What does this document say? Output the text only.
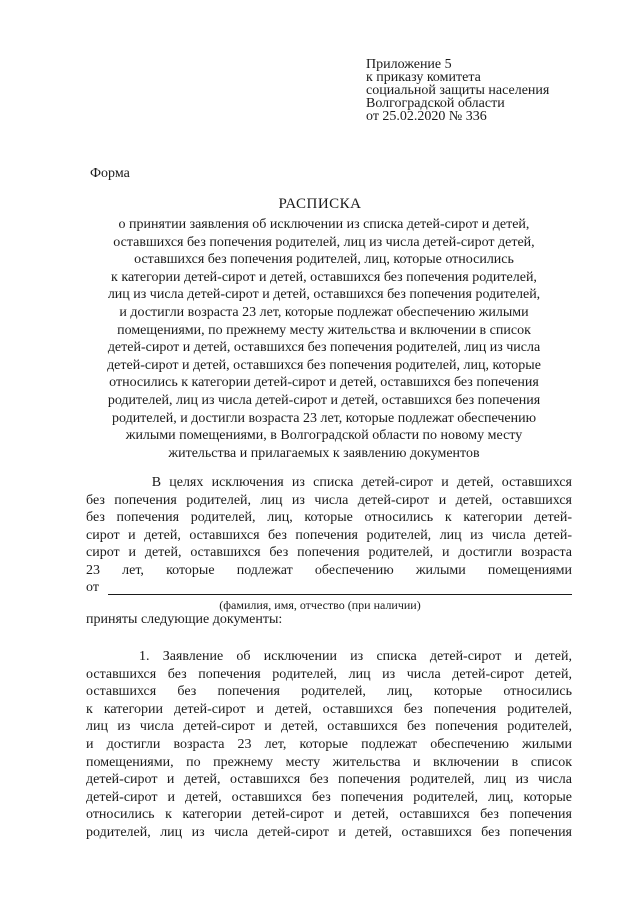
Приложение 5
к приказу комитета
социальной защиты населения
Волгоградской области
от 25.02.2020 № 336
Форма
РАСПИСКА
о принятии заявления об исключении из списка детей-сирот и детей,
оставшихся без попечения родителей, лиц из числа детей-сирот детей,
оставшихся без попечения родителей, лиц, которые относились
к категории детей-сирот и детей, оставшихся без попечения родителей,
лиц из числа детей-сирот и детей, оставшихся без попечения родителей,
и достигли возраста 23 лет, которые подлежат обеспечению жилыми
помещениями, по прежнему месту жительства и включении в список
детей-сирот и детей, оставшихся без попечения родителей, лиц из числа
детей-сирот и детей, оставшихся без попечения родителей, лиц, которые
относились к категории детей-сирот и детей, оставшихся без попечения
родителей, лиц из числа детей-сирот и детей, оставшихся без попечения
родителей, и достигли возраста 23 лет, которые подлежат обеспечению
жилыми помещениями, в Волгоградской области по новому месту
жительства и прилагаемых к заявлению документов
В целях исключения из списка детей-сирот и детей, оставшихся
без попечения родителей, лиц из числа детей-сирот и детей, оставшихся
без попечения родителей, лиц, которые относились к категории детей-
сирот и детей, оставшихся без попечения родителей, лиц из числа детей-
сирот и детей, оставшихся без попечения родителей, и достигли возраста
23 лет, которые подлежат обеспечению жилыми помещениями
от
(фамилия, имя, отчество (при наличии)
приняты следующие документы:
1. Заявление об исключении из списка детей-сирот и детей,
оставшихся без попечения родителей, лиц из числа детей-сирот детей,
оставшихся без попечения родителей, лиц, которые относились
к категории детей-сирот и детей, оставшихся без попечения родителей,
лиц из числа детей-сирот и детей, оставшихся без попечения родителей,
и достигли возраста 23 лет, которые подлежат обеспечению жилыми
помещениями, по прежнему месту жительства и включении в список
детей-сирот и детей, оставшихся без попечения родителей, лиц из числа
детей-сирот и детей, оставшихся без попечения родителей, лиц, которые
относились к категории детей-сирот и детей, оставшихся без попечения
родителей, лиц из числа детей-сирот и детей, оставшихся без попечения
